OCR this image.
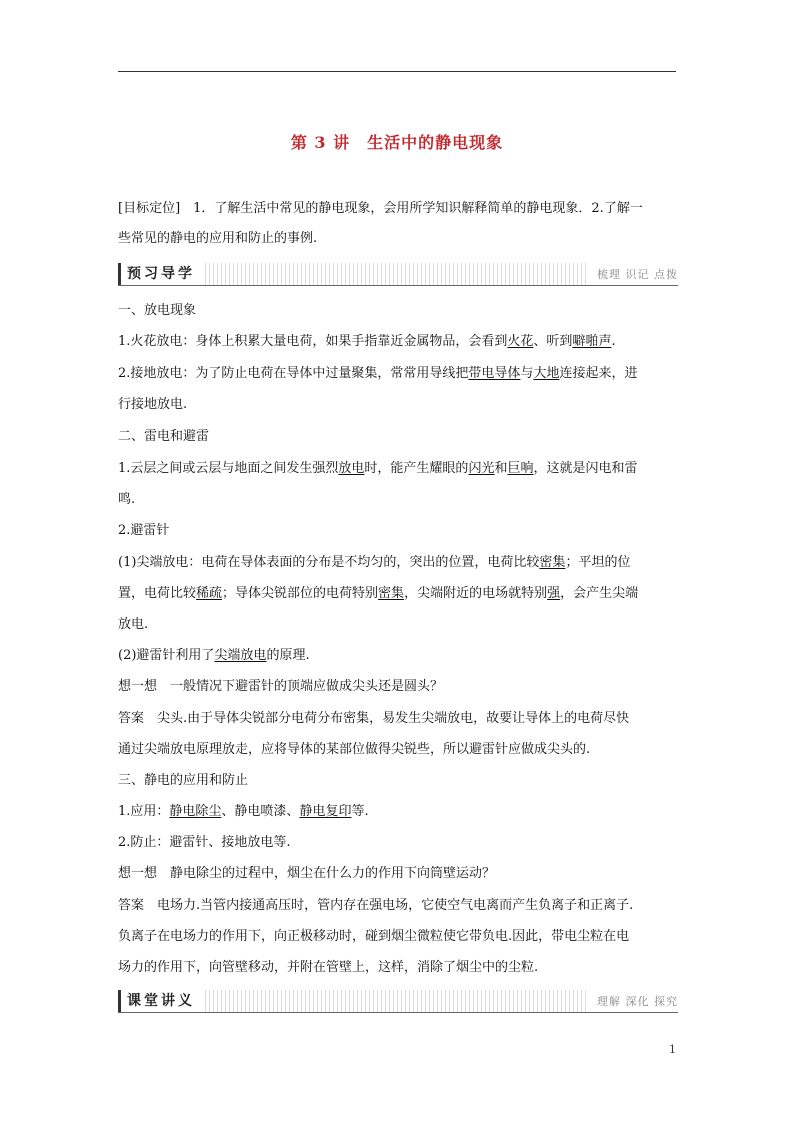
第 3 讲　生活中的静电现象
[目标定位]　1．了解生活中常见的静电现象，会用所学知识解释简单的静电现象．2.了解一
些常见的静电的应用和防止的事例.
预习导学	梳理 识记 点拨
一、放电现象
1.火花放电：身体上积累大量电荷，如果手指靠近金属物品，会看到火花、听到噼啪声.
2.接地放电：为了防止电荷在导体中过量聚集，常常用导线把带电导体与大地连接起来，进
行接地放电.
二、雷电和避雷
1.云层之间或云层与地面之间发生强烈放电时，能产生耀眼的闪光和巨响，这就是闪电和雷
鸣.
2.避雷针
(1)尖端放电：电荷在导体表面的分布是不均匀的，突出的位置，电荷比较密集；平坦的位
置，电荷比较稀疏；导体尖锐部位的电荷特别密集，尖端附近的电场就特别强，会产生尖端
放电.
(2)避雷针利用了尖端放电的原理.
想一想　一般情况下避雷针的顶端应做成尖头还是圆头？
答案　尖头.由于导体尖锐部分电荷分布密集，易发生尖端放电，故要让导体上的电荷尽快
通过尖端放电原理放走，应将导体的某部位做得尖锐些，所以避雷针应做成尖头的.
三、静电的应用和防止
1.应用：静电除尘、静电喷漆、静电复印等.
2.防止：避雷针、接地放电等.
想一想　静电除尘的过程中，烟尘在什么力的作用下向筒壁运动？
答案　电场力.当管内接通高压时，管内存在强电场，它使空气电离而产生负离子和正离子.
负离子在电场力的作用下，向正极移动时，碰到烟尘微粒使它带负电.因此，带电尘粒在电
场力的作用下，向管壁移动，并附在管壁上，这样，消除了烟尘中的尘粒.
课堂讲义	理解 深化 探究
1
